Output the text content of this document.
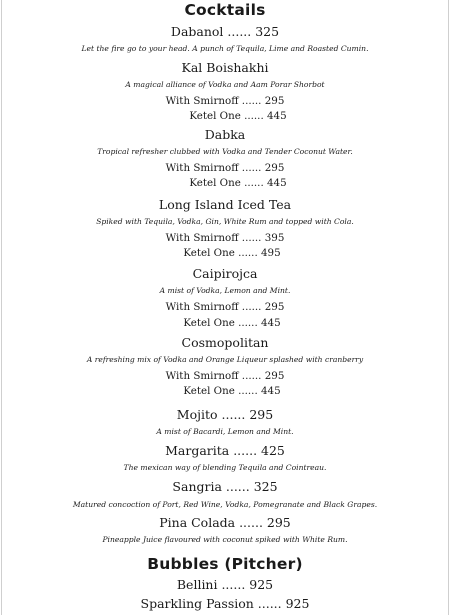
Cocktails
Dabanol ...... 325
Let the fire go to your head. A punch of Tequila, Lime and Roasted Cumin.
Kal Boishakhi
A magical alliance of Vodka and Aam Porar Shorbot
With Smirnoff ...... 295
Ketel One ...... 445
Dabka
Tropical refresher clubbed with Vodka and Tender Coconut Water.
With Smirnoff ...... 295
Ketel One ...... 445
Long Island Iced Tea
Spiked with Tequila, Vodka, Gin, White Rum and topped with Cola.
With Smirnoff ...... 395
Ketel One ...... 495
Caipirojca
A mist of Vodka, Lemon and Mint.
With Smirnoff ...... 295
Ketel One ...... 445
Cosmopolitan
A refreshing mix of Vodka and Orange Liqueur splashed with cranberry
With Smirnoff ...... 295
Ketel One ...... 445
Mojito ...... 295
A mist of Bacardi, Lemon and Mint.
Margarita ...... 425
The mexican way of blending Tequila and Cointreau.
Sangria ...... 325
Matured concoction of Port, Red Wine, Vodka, Pomegranate and Black Grapes.
Pina Colada ...... 295
Pineapple Juice flavoured with coconut spiked with White Rum.
Bubbles (Pitcher)
Bellini ...... 925
Sparkling Passion ...... 925
